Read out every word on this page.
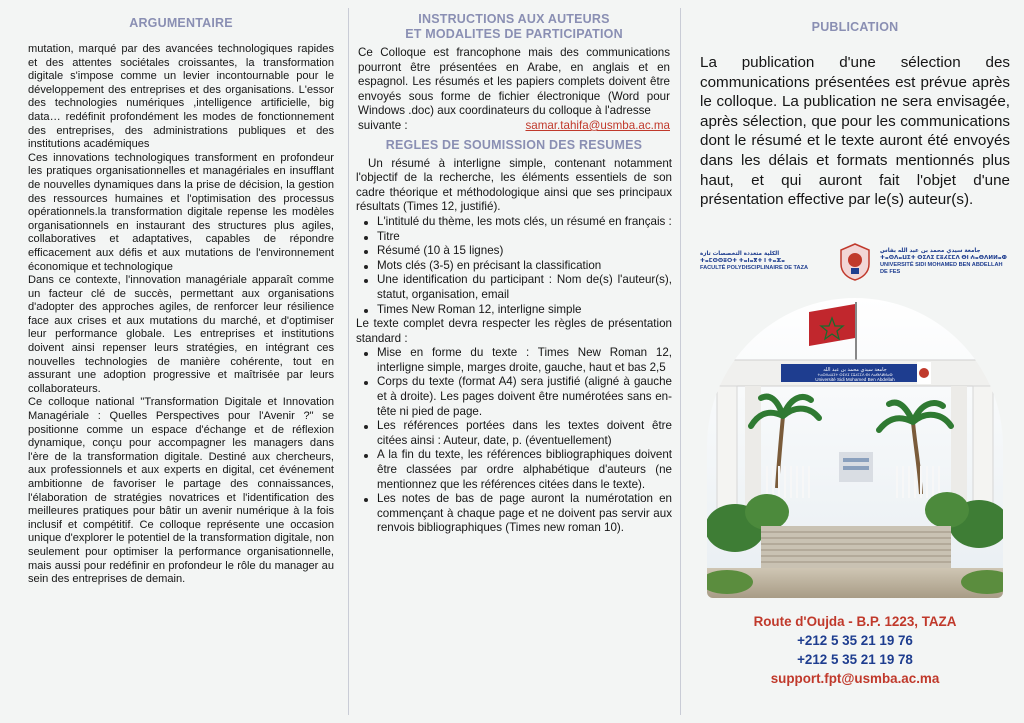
ARGUMENTAIRE

mutation, marqué par des avancées technologiques rapides et des attentes sociétales croissantes, la transformation digitale s'impose comme un levier incontournable pour le développement des entreprises et des organisations. L'essor des technologies numériques ,intelligence artificielle, big data… redéfinit profondément les modes de fonctionnement des entreprises, des administrations publiques et des institutions académiques

Ces innovations technologiques transforment en profondeur les pratiques organisationnelles et managériales en insufflant de nouvelles dynamiques dans la prise de décision, la gestion des ressources humaines et l'optimisation des processus opérationnels.la transformation digitale repense les modèles organisationnels en instaurant des structures plus agiles, collaboratives et adaptatives, capables de répondre efficacement aux défis et aux mutations de l'environnement économique et technologique

Dans ce contexte, l'innovation managériale apparaît comme un facteur clé de succès, permettant aux organisations d'adopter des approches agiles, de renforcer leur résilience face aux crises et aux mutations du marché, et d'optimiser leur performance globale. Les entreprises et institutions doivent ainsi repenser leurs stratégies, en intégrant ces nouvelles technologies de manière cohérente, tout en assurant une adoption progressive et maîtrisée par leurs collaborateurs.

Ce colloque national "Transformation Digitale et Innovation Managériale : Quelles Perspectives pour l'Avenir ?" se positionne comme un espace d'échange et de réflexion dynamique, conçu pour accompagner les managers dans l'ère de la transformation digitale. Destiné aux chercheurs, aux professionnels et aux experts en digital, cet événement ambitionne de favoriser le partage des connaissances, l'élaboration de stratégies novatrices et l'identification des meilleures pratiques pour bâtir un avenir numérique à la fois inclusif et compétitif. Ce colloque représente une occasion unique d'explorer le potentiel de la transformation digitale, non seulement pour optimiser la performance organisationnelle, mais aussi pour redéfinir en profondeur le rôle du manager au sein des entreprises de demain.

INSTRUCTIONS AUX AUTEURS
ET MODALITES DE PARTICIPATION

Ce Colloque est francophone mais des communications pourront être présentées en Arabe, en anglais et en espagnol. Les résumés et les papiers complets doivent être envoyés sous forme de fichier électronique (Word pour Windows .doc) aux coordinateurs du colloque à l'adresse

suivante :	samar.tahifa@usmba.ac.ma
REGLES DE SOUMISSION DES RESUMES

Un résumé à interligne simple, contenant notamment l'objectif de la recherche, les éléments essentiels de son cadre théorique et méthodologique ainsi que ses principaux résultats (Times 12, justifié).

L'intitulé du thème, les mots clés, un résumé en français :
Titre
Résumé (10 à 15 lignes)
Mots clés (3-5) en précisant la classification
Une identification du participant : Nom de(s) l'auteur(s), statut, organisation, email
Times New Roman 12, interligne simple

Le texte complet devra respecter les règles de présentation standard :

Mise en forme du texte : Times New Roman 12, interligne simple, marges droite, gauche, haut et bas 2,5
Corps du texte (format A4) sera justifié (aligné à gauche et à droite). Les pages doivent être numérotées sans en-tête ni pied de page.
Les références portées dans les textes doivent être citées ainsi : Auteur, date, p. (éventuellement)
A la fin du texte, les références bibliographiques doivent être classées par ordre alphabétique d'auteurs (ne mentionnez que les références citées dans le texte).
Les notes de bas de page auront la numérotation en commençant à chaque page et ne doivent pas servir aux renvois bibliographiques (Times new roman 10).
PUBLICATION

La publication d'une sélection des communications présentées est prévue après le colloque. La publication ne sera envisagée, après sélection, que pour les communications dont le résumé et le texte auront été envoyés dans les délais et formats mentionnés plus haut, et qui auront fait l'objet d'une présentation effective par le(s) auteur(s).

الكلية متعددة التخصصات تازة
ⵜⴰⵎⵙⵙⵓⵔⵜ ⵜⴰⵏⴰⴳⵜ ⵏ ⵜⴰⵣⴰ
FACULTÉ POLYDISCIPLINAIRE DE TAZA
جامعة سيدي محمد بن عبد الله بفاس
ⵜⴰⵙⴷⴰⵡⵉⵜ ⵙⵉⴷⵉ ⵎⵓⵃⵎⵎⴷ ⴱⵏ ⵄⴰⴱⴷⵍⵍⴰⵀ
UNIVERSITÉ SIDI MOHAMED BEN ABDELLAH DE FES
جامعة سيدي محمد بن عبد الله
ⵜⴰⵙⴷⴰⵡⵉⵜ ⵙⵉⴷⵉ ⵎⵓⵃⵎⵎⴷ ⴱⵏ ⵄⴰⴱⴷⵍⵍⴰⵀ
Université Sidi Mohamed Ben Abdellah
Route d'Oujda - B.P. 1223, TAZA
+212 5 35 21 19 76
+212 5 35 21 19 78
support.fpt@usmba.ac.ma
